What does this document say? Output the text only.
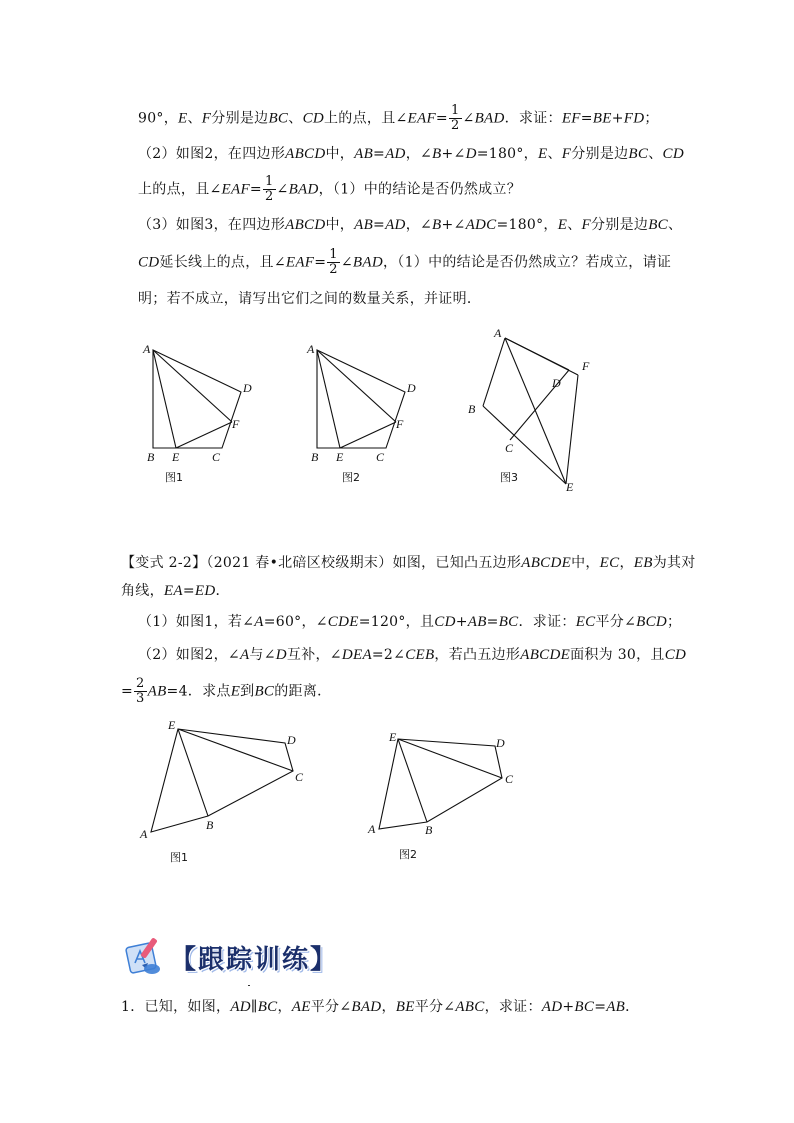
90°，E、F分别是边BC、CD上的点，且∠EAF= $\frac{1}{2}$ ∠BAD．求证：EF=BE+FD；
（2）如图2，在四边形ABCD中，AB=AD，∠B+∠D=180°，E、F分别是边BC、CD
上的点，且∠EAF= $\frac{1}{2}$ ∠BAD，（1）中的结论是否仍然成立？
（3）如图3，在四边形ABCD中，AB=AD，∠B+∠ADC=180°，E、F分别是边BC、
CD延长线上的点，且∠EAF= $\frac{1}{2}$ ∠BAD，（1）中的结论是否仍然成立？若成立，请证
明；若不成立，请写出它们之间的数量关系，并证明．
A
D
F
B E	C
图1
A
D
F
B E	C
图2
A
F
D
B
C
E
图3
【变式 2-2】（2021 春•北碚区校级期末）如图，已知凸五边形ABCDE中，EC，EB为其对
角线，EA=ED．
（1）如图1，若∠A=60°，∠CDE=120°，且CD+AB=BC．求证：EC平分∠BCD；
（2）如图2，∠A与∠D互补，∠DEA=2∠CEB，若凸五边形ABCDE面积为 30，且CD
= $\frac{2}{3} AB=4$．求点E到BC的距离．
E
D
C
B
A
图1
E	D
C
B
A
图2
【跟踪训练】
1．已知，如图，AD∥BC，AE平分∠BAD，BE平分∠ABC，求证：AD+BC=AB．
